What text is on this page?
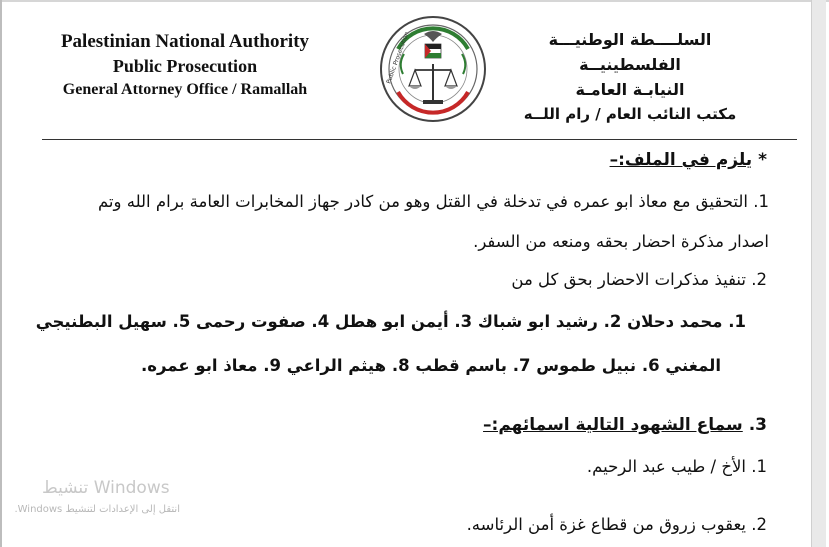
Palestinian National Authority
Public Prosecution
General Attorney Office / Ramallah
Public Prosecution	السلــــطة الوطنيـــة الفلسطينيــة
النيابـة العامـة
مكتب النائب العام / رام اللــه
* يلزم في الملف:–
1. التحقيق مع معاذ ابو عمره في تدخلة في القتل وهو من كادر جهاز المخابرات العامة برام الله وتم
اصدار مذكرة احضار بحقه ومنعه من السفر.
2. تنفيذ مذكرات الاحضار بحق كل من
1. محمد دحلان 2. رشيد ابو شباك 3. أيمن ابو هطل 4. صفوت رحمى 5. سهيل البطنيجي
المغني 6. نبيل طموس 7. باسم قطب 8. هيثم الراعي 9. معاذ ابو عمره.
3. سماع الشهود التالية اسمائهم:–
1. الأخ / طيب عبد الرحيم.
2. يعقوب زروق من قطاع غزة أمن الرئاسه.
تنشيط Windows
انتقل إلى الإعدادات لتنشيط Windows.
